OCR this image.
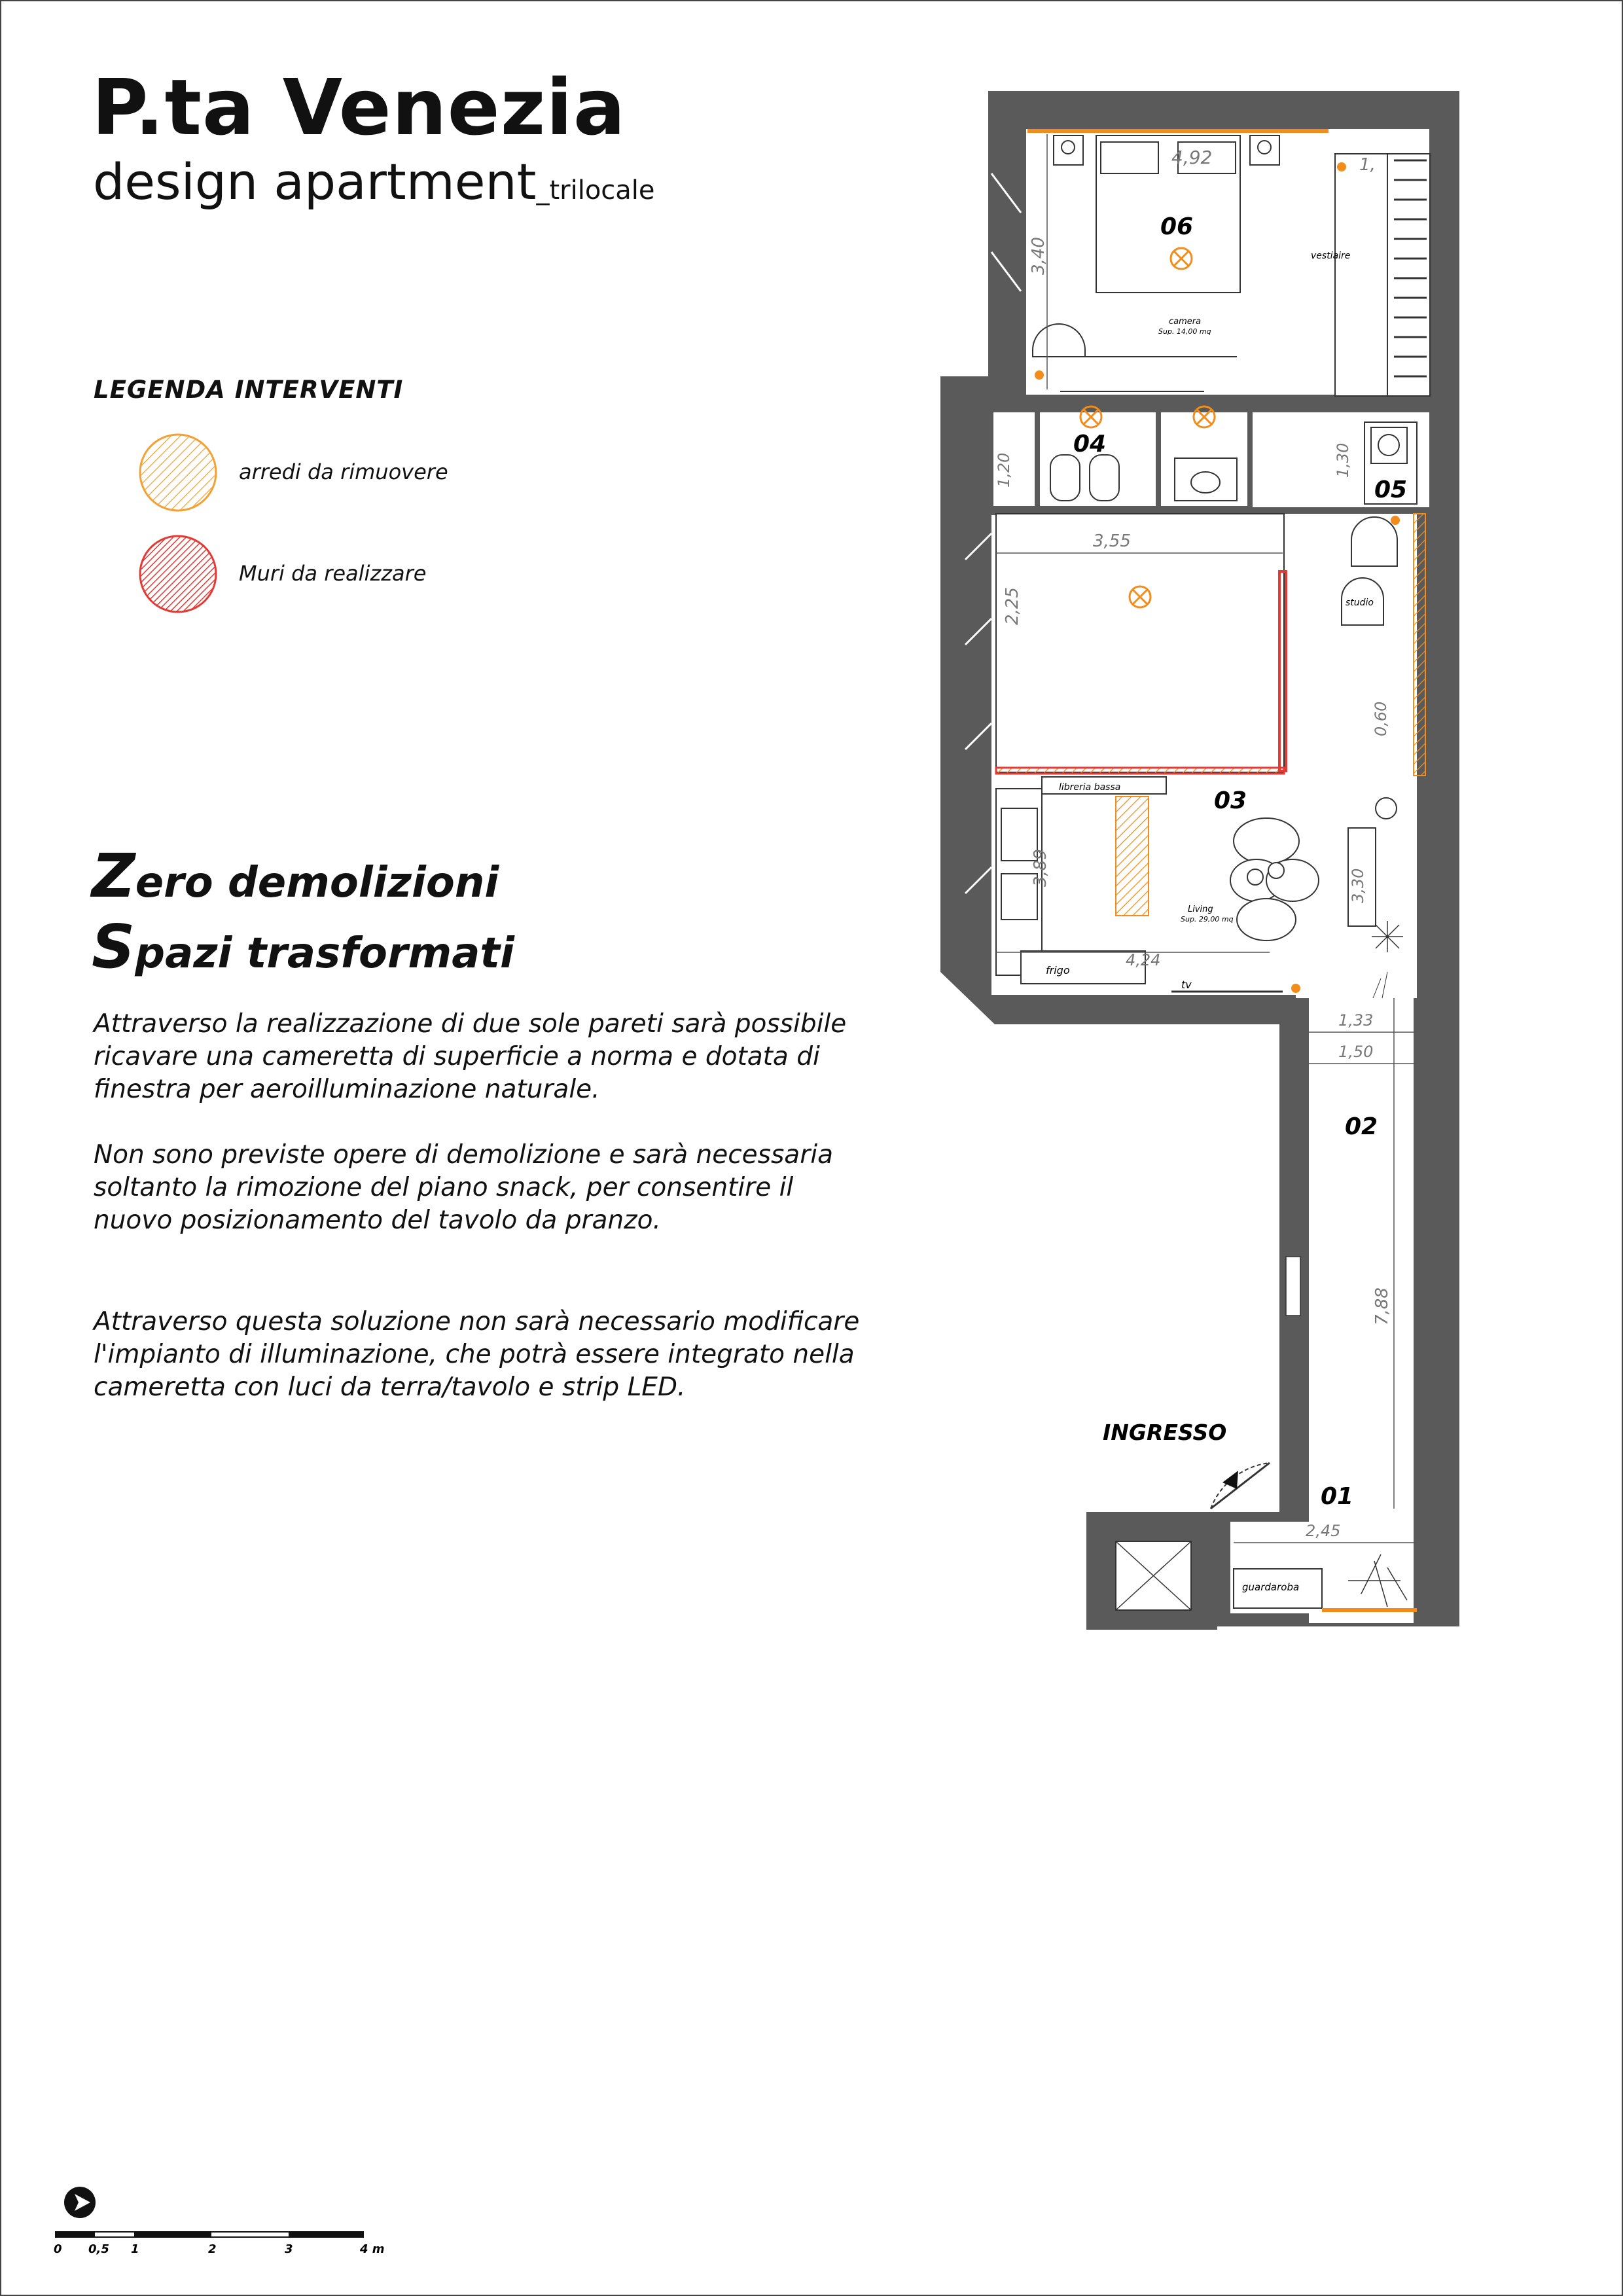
P.ta Venezia
design apartment_trilocale
LEGENDA INTERVENTI
arredi da rimuovere
Muri da realizzare
Zero demolizioni
Spazi trasformati

Attraverso la realizzazione di due sole pareti sarà possibile ricavare una cameretta di superficie a norma e dotata di finestra per aeroilluminazione naturale.

Non sono previste opere di demolizione e sarà necessaria soltanto la rimozione del piano snack, per consentire il nuovo posizionamento del tavolo da pranzo.

Attraverso questa soluzione non sarà necessario modificare l'impianto di illuminazione, che potrà essere integrato nella cameretta con luci da terra/tavolo e strip LED.

06
camera
Sup. 14,00 mq
vestiaire
4,92	1,
3,40
04
1,20
05
1,30
3,55
2,25	studio
0,60
frigo
3,89
libreria bassa	03
Living
Sup. 29,00 mq
3,30
tv
4,24
1,33
1,50
02
7,88
INGRESSO
01
2,45
guardaroba
0 0,5 1	2	3	4 m
